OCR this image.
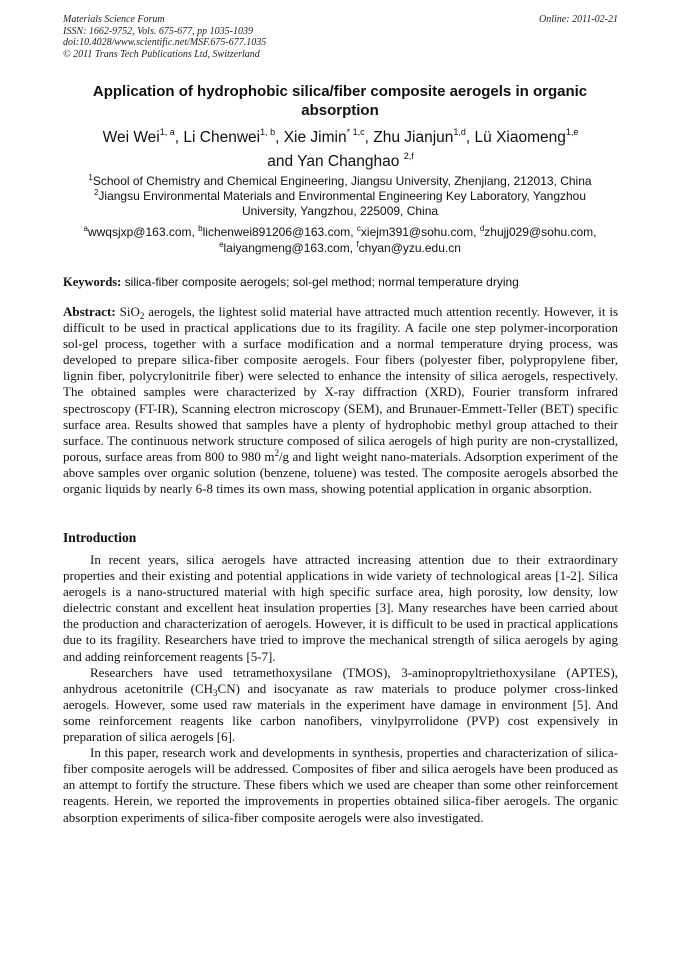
Materials Science Forum
ISSN: 1662-9752, Vols. 675-677, pp 1035-1039
doi:10.4028/www.scientific.net/MSF.675-677.1035
© 2011 Trans Tech Publications Ltd, Switzerland
Online: 2011-02-21
Application of hydrophobic silica/fiber composite aerogels in organic absorption
Wei Wei$^{1, a}$, Li Chenwei$^{1, b}$, Xie Jimin$^{* 1,c}$, Zhu Jianjun$^{1,d}$, Lü Xiaomeng$^{1,e}$
and Yan Changhao $^{2,f}$
$^1$School of Chemistry and Chemical Engineering, Jiangsu University, Zhenjiang, 212013, China
$^2$Jiangsu Environmental Materials and Environmental Engineering Key Laboratory, Yangzhou University, Yangzhou, 225009, China
$^a$wwqsjxp@163.com, $^b$lichenwei891206@163.com, $^c$xiejm391@sohu.com, $^d$zhujj029@sohu.com,
$^e$laiyangmeng@163.com, $^f$chyan@yzu.edu.cn
Keywords: silica-fiber composite aerogels; sol-gel method; normal temperature drying
Abstract: SiO$_2$ aerogels, the lightest solid material have attracted much attention recently. However, it is difficult to be used in practical applications due to its fragility. A facile one step polymer-incorporation sol-gel process, together with a surface modification and a normal temperature drying process, was developed to prepare silica-fiber composite aerogels. Four fibers (polyester fiber, polypropylene fiber, lignin fiber, polycrylonitrile fiber) were selected to enhance the intensity of silica aerogels, respectively. The obtained samples were characterized by X-ray diffraction (XRD), Fourier transform infrared spectroscopy (FT-IR), Scanning electron microscopy (SEM), and Brunauer-Emmett-Teller (BET) specific surface area. Results showed that samples have a plenty of hydrophobic methyl group attached to their surface. The continuous network structure composed of silica aerogels of high purity are non-crystallized, porous, surface areas from 800 to 980 $m^2/g$ and light weight nano-materials. Adsorption experiment of the above samples over organic solution (benzene, toluene) was tested. The composite aerogels absorbed the organic liquids by nearly 6-8 times its own mass, showing potential application in organic absorption.
Introduction

In recent years, silica aerogels have attracted increasing attention due to their extraordinary properties and their existing and potential applications in wide variety of technological areas [1-2]. Silica aerogels is a nano-structured material with high specific surface area, high porosity, low density, low dielectric constant and excellent heat insulation properties [3]. Many researches have been carried about the production and characterization of aerogels. However, it is difficult to be used in practical applications due to its fragility. Researchers have tried to improve the mechanical strength of silica aerogels by aging and adding reinforcement reagents [5-7].

Researchers have used tetramethoxysilane (TMOS), 3-aminopropyltriethoxysilane (APTES), anhydrous acetonitrile $(CH_3CN)$ and isocyanate as raw materials to produce polymer cross-linked aerogels. However, some used raw materials in the experiment have damage in environment [5]. And some reinforcement reagents like carbon nanofibers, vinylpyrrolidone (PVP) cost expensively in preparation of silica aerogels [6].

In this paper, research work and developments in synthesis, properties and characterization of silica-fiber composite aerogels will be addressed. Composites of fiber and silica aerogels have been produced as an attempt to fortify the structure. These fibers which we used are cheaper than some other reinforcement reagents. Herein, we reported the improvements in properties obtained silica-fiber aerogels. The organic absorption experiments of silica-fiber composite aerogels were also investigated.
